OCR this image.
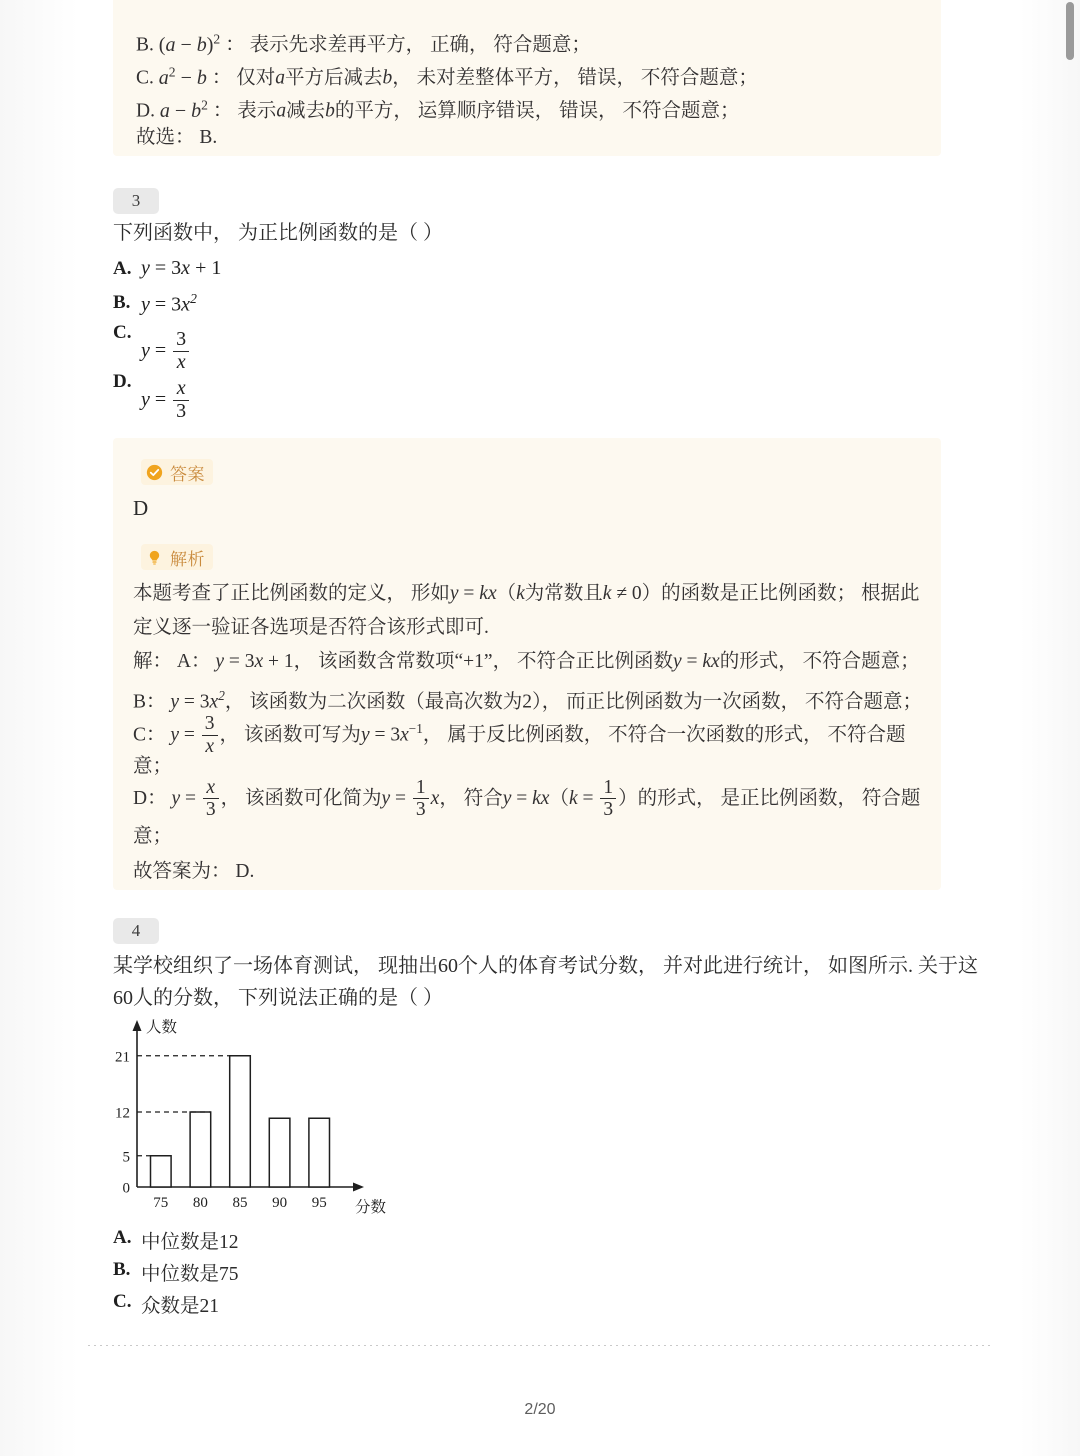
B. $(a - b)^2$ ： 表示先求差再平方， 正确， 符合题意；
C. $a^2 - b$ ： 仅对a平方后减去b， 未对差整体平方， 错误， 不符合题意；
D. $a - b^2$ ： 表示a减去b的平方， 运算顺序错误， 错误， 不符合题意；
故选： B.
3
下列函数中， 为正比例函数的是（ ）
A. y = 3x + 1
B. $y = 3x^2$
C.
$y = \frac{3}{x}$
D.
$y = \frac{x}{3}$
答案
D
解析
本题考查了正比例函数的定义， 形如y = kx（k为常数且k ≠ 0）的函数是正比例函数； 根据此
定义逐一验证各选项是否符合该形式即可.
解： A： y = 3x + 1， 该函数含常数项“+1”， 不符合正比例函数y = kx的形式， 不符合题意；
B： $y = 3x^2$， 该函数为二次函数（最高次数为2）， 而正比例函数为一次函数， 不符合题意；
C： $y = \frac{3}{x}$ ， 该函数可写为$y = 3x^{-1}$， 属于反比例函数， 不符合一次函数的形式， 不符合题
意；
D： $y = \frac{x}{3}$ ， 该函数可化简为$y = \frac{1}{3}$ x， 符合$y = kx(k = \frac{1}{3}$ ）的形式， 是正比例函数， 符合题
意；
故答案为： D.
4
某学校组织了一场体育测试， 现抽出60个人的体育考试分数， 并对此进行统计， 如图所示. 关于这
60人的分数， 下列说法正确的是（ ）
人数
分数
75 80 85 90 95
0
5
12
21
A. 中位数是12
B. 中位数是75
C. 众数是21
2/20
